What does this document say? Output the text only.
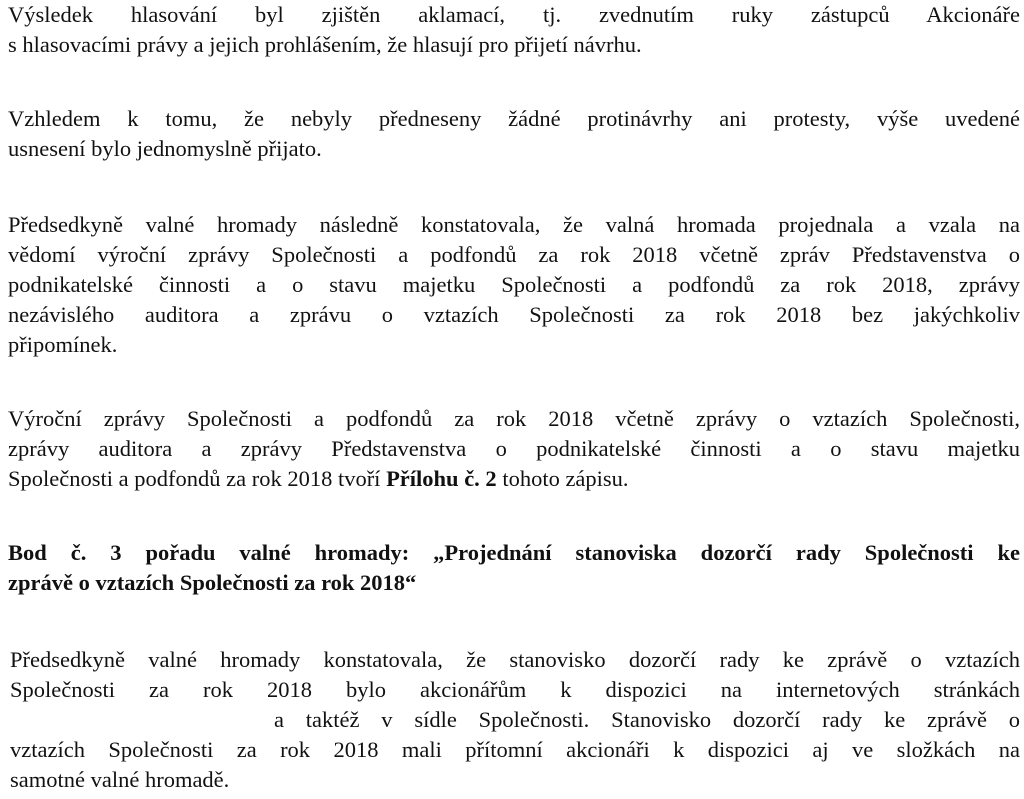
Výsledek hlasování byl zjištěn aklamací, tj. zvednutím ruky zástupců Akcionáře
s hlasovacími právy a jejich prohlášením, že hlasují pro přijetí návrhu.

Vzhledem k tomu, že nebyly předneseny žádné protinávrhy ani protesty, výše uvedené
usnesení bylo jednomyslně přijato.

Předsedkyně valné hromady následně konstatovala, že valná hromada projednala a vzala na
vědomí výroční zprávy Společnosti a podfondů za rok 2018 včetně zpráv Představenstva o
podnikatelské činnosti a o stavu majetku Společnosti a podfondů za rok 2018, zprávy
nezávislého auditora a zprávu o vztazích Společnosti za rok 2018 bez jakýchkoliv
připomínek.

Výroční zprávy Společnosti a podfondů za rok 2018 včetně zprávy o vztazích Společnosti,
zprávy auditora a zprávy Představenstva o podnikatelské činnosti a o stavu majetku
Společnosti a podfondů za rok 2018 tvoří Přílohu č. 2 tohoto zápisu.

Bod č. 3 pořadu valné hromady: „Projednání stanoviska dozorčí rady Společnosti ke
zprávě o vztazích Společnosti za rok 2018“

Předsedkyně valné hromady konstatovala, že stanovisko dozorčí rady ke zprávě o vztazích
Společnosti za rok 2018 bylo akcionářům k dispozici na internetových stránkách
a taktéž v sídle Společnosti. Stanovisko dozorčí rady ke zprávě o
vztazích Společnosti za rok 2018 mali přítomní akcionáři k dispozici aj ve složkách na
samotné valné hromadě.
